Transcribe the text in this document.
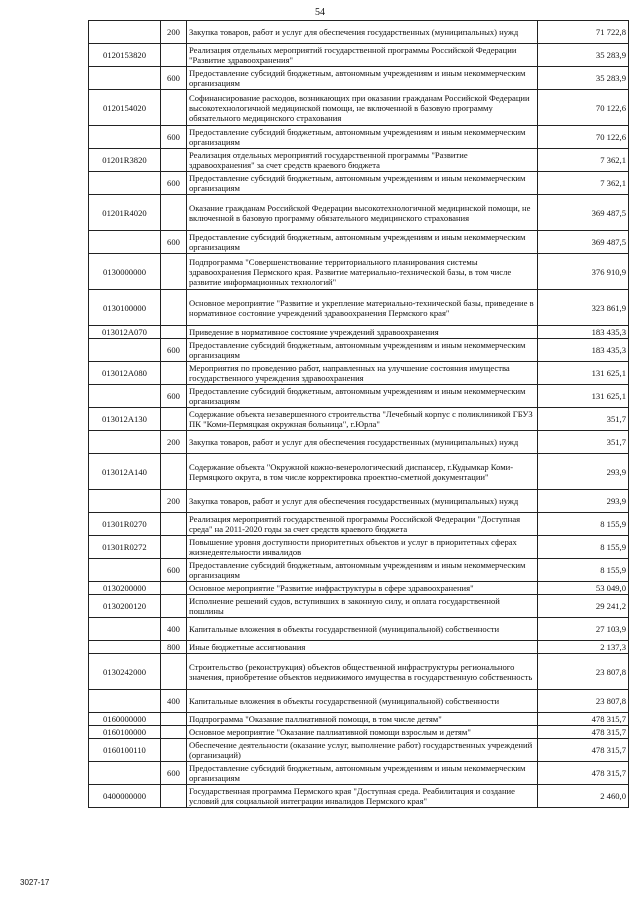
54
	200	Закупка товаров, работ и услуг для обеспечения государственных (муниципальных) нужд	71 722,8
0120153820		Реализация отдельных мероприятий государственной программы Российской Федерации "Развитие здравоохранения"	35 283,9
	600	Предоставление субсидий бюджетным, автономным учреждениям и иным некоммерческим организациям	35 283,9
0120154020		Софинансирование расходов, возникающих при оказании гражданам Российской Федерации высокотехнологичной медицинской помощи, не включенной в базовую программу обязательного медицинского страхования	70 122,6
	600	Предоставление субсидий бюджетным, автономным учреждениям и иным некоммерческим организациям	70 122,6
01201R3820		Реализация отдельных мероприятий государственной программы "Развитие здравоохранения" за счет средств краевого бюджета	7 362,1
	600	Предоставление субсидий бюджетным, автономным учреждениям и иным некоммерческим организациям	7 362,1
01201R4020		Оказание гражданам Российской Федерации высокотехнологичной медицинской помощи, не включенной в базовую программу обязательного медицинского страхования	369 487,5
	600	Предоставление субсидий бюджетным, автономным учреждениям и иным некоммерческим организациям	369 487,5
0130000000		Подпрограмма "Совершенствование территориального планирования системы здравоохранения Пермского края. Развитие материально-технической базы, в том числе развитие информационных технологий"	376 910,9
0130100000		Основное мероприятие "Развитие и укрепление материально-технической базы, приведение в нормативное состояние учреждений здравоохранения Пермского края"	323 861,9
013012A070		Приведение в нормативное состояние учреждений здравоохранения	183 435,3
	600	Предоставление субсидий бюджетным, автономным учреждениям и иным некоммерческим организациям	183 435,3
013012A080		Мероприятия по проведению работ, направленных на улучшение состояния имущества государственного учреждения здравоохранения	131 625,1
	600	Предоставление субсидий бюджетным, автономным учреждениям и иным некоммерческим организациям	131 625,1
013012A130		Содержание объекта незавершенного строительства "Лечебный корпус с поликлиникой ГБУЗ ПК "Коми-Пермяцкая окружная больница", г.Юрла"	351,7
	200	Закупка товаров, работ и услуг для обеспечения государственных (муниципальных) нужд	351,7
013012A140		Содержание объекта "Окружной кожно-венерологический диспансер, г.Кудымкар Коми-Пермяцкого округа, в том числе корректировка проектно-сметной документации"	293,9
	200	Закупка товаров, работ и услуг для обеспечения государственных (муниципальных) нужд	293,9
01301R0270		Реализация мероприятий государственной программы Российской Федерации "Доступная среда" на 2011-2020 годы за счет средств краевого бюджета	8 155,9
01301R0272		Повышение уровня доступности приоритетных объектов и услуг в приоритетных сферах жизнедеятельности инвалидов	8 155,9
	600	Предоставление субсидий бюджетным, автономным учреждениям и иным некоммерческим организациям	8 155,9
0130200000		Основное мероприятие "Развитие инфраструктуры в сфере здравоохранения"	53 049,0
0130200120		Исполнение решений судов, вступивших в законную силу, и оплата государственной пошлины	29 241,2
	400	Капитальные вложения в объекты государственной (муниципальной) собственности	27 103,9
	800	Иные бюджетные ассигнования	2 137,3
0130242000		Строительство (реконструкция) объектов общественной инфраструктуры регионального значения, приобретение объектов недвижимого имущества в государственную собственность	23 807,8
	400	Капитальные вложения в объекты государственной (муниципальной) собственности	23 807,8
0160000000		Подпрограмма "Оказание паллиативной помощи, в том числе детям"	478 315,7
0160100000		Основное мероприятие "Оказание паллиативной помощи взрослым и детям"	478 315,7
0160100110		Обеспечение деятельности (оказание услуг, выполнение работ) государственных учреждений (организаций)	478 315,7
	600	Предоставление субсидий бюджетным, автономным учреждениям и иным некоммерческим организациям	478 315,7
0400000000		Государственная программа Пермского края "Доступная среда. Реабилитация и создание условий для социальной интеграции инвалидов Пермского края"	2 460,0
3027-17
